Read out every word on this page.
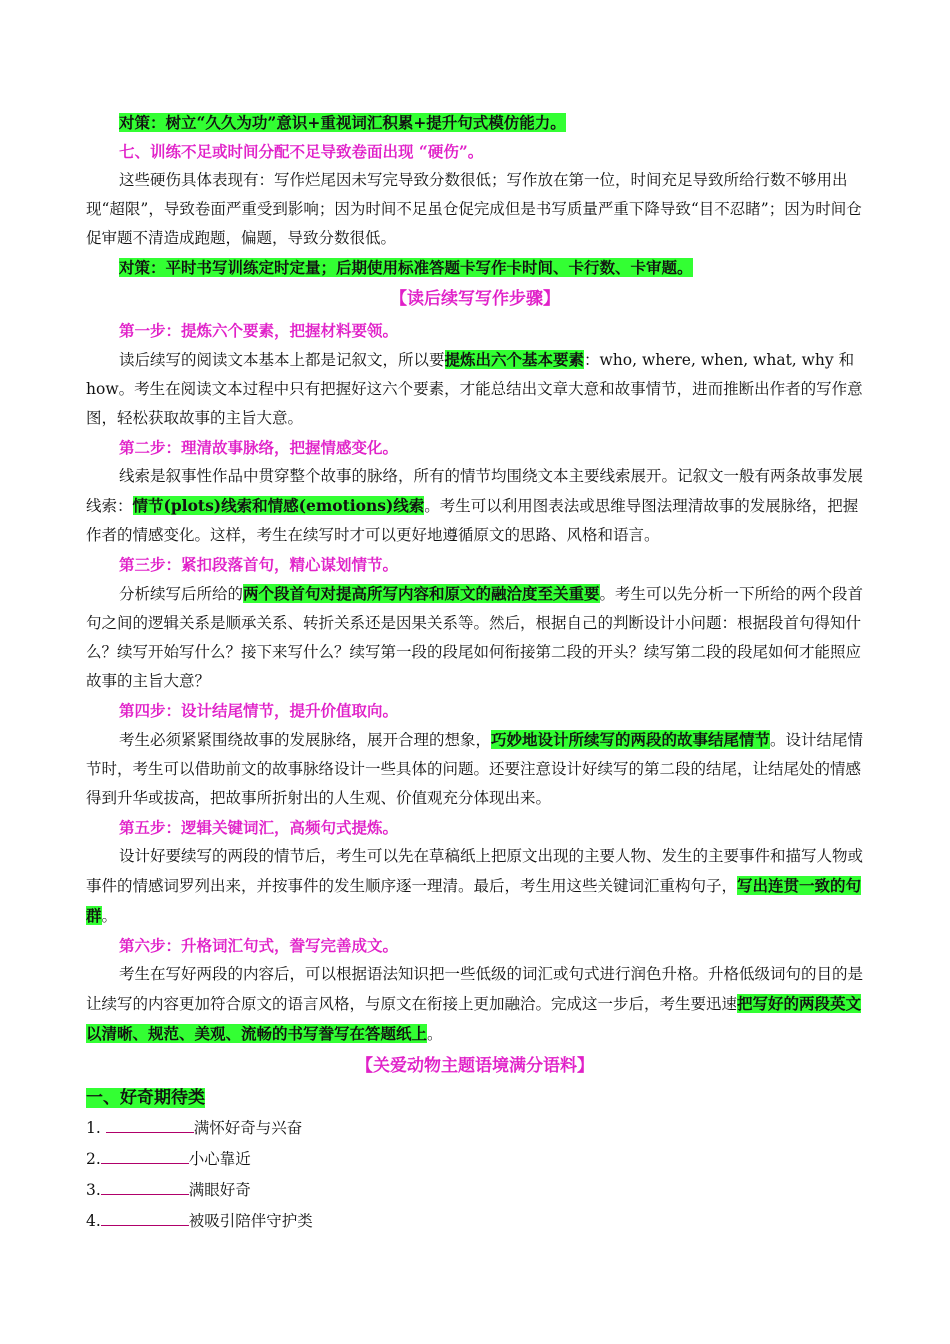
对策：树立“久久为功”意识+重视词汇积累+提升句式模仿能力。

七、训练不足或时间分配不足导致卷面出现 “硬伤”。

这些硬伤具体表现有：写作烂尾因未写完导致分数很低；写作放在第一位，时间充足导致所给行数不够用出现“超限”，导致卷面严重受到影响；因为时间不足虽仓促完成但是书写质量严重下降导致“目不忍睹”；因为时间仓促审题不清造成跑题，偏题，导致分数很低。

对策：平时书写训练定时定量；后期使用标准答题卡写作卡时间、卡行数、卡审题。

【读后续写写作步骤】

第一步：提炼六个要素，把握材料要领。

读后续写的阅读文本基本上都是记叙文，所以要提炼出六个基本要素：who, where, when, what, why 和 how。考生在阅读文本过程中只有把握好这六个要素，才能总结出文章大意和故事情节，进而推断出作者的写作意图，轻松获取故事的主旨大意。

第二步：理清故事脉络，把握情感变化。

线索是叙事性作品中贯穿整个故事的脉络，所有的情节均围绕文本主要线索展开。记叙文一般有两条故事发展线索：情节(plots)线索和情感(emotions)线索。考生可以利用图表法或思维导图法理清故事的发展脉络，把握作者的情感变化。这样，考生在续写时才可以更好地遵循原文的思路、风格和语言。

第三步：紧扣段落首句，精心谋划情节。

分析续写后所给的两个段首句对提高所写内容和原文的融洽度至关重要。考生可以先分析一下所给的两个段首句之间的逻辑关系是顺承关系、转折关系还是因果关系等。然后，根据自己的判断设计小问题：根据段首句得知什么？续写开始写什么？接下来写什么？续写第一段的段尾如何衔接第二段的开头？续写第二段的段尾如何才能照应故事的主旨大意？

第四步：设计结尾情节，提升价值取向。

考生必须紧紧围绕故事的发展脉络，展开合理的想象，巧妙地设计所续写的两段的故事结尾情节。设计结尾情节时，考生可以借助前文的故事脉络设计一些具体的问题。还要注意设计好续写的第二段的结尾，让结尾处的情感得到升华或拔高，把故事所折射出的人生观、价值观充分体现出来。

第五步：逻辑关键词汇，高频句式提炼。

设计好要续写的两段的情节后，考生可以先在草稿纸上把原文出现的主要人物、发生的主要事件和描写人物或事件的情感词罗列出来，并按事件的发生顺序逐一理清。最后，考生用这些关键词汇重构句子，写出连贯一致的句群。

第六步：升格词汇句式，誊写完善成文。

考生在写好两段的内容后，可以根据语法知识把一些低级的词汇或句式进行润色升格。升格低级词句的目的是让续写的内容更加符合原文的语言风格，与原文在衔接上更加融洽。完成这一步后，考生要迅速把写好的两段英文以清晰、规范、美观、流畅的书写誊写在答题纸上。

【关爱动物主题语境满分语料】

一、好奇期待类

1.	满怀好奇与兴奋

2.	小心靠近

3.	满眼好奇

4.	被吸引陪伴守护类
